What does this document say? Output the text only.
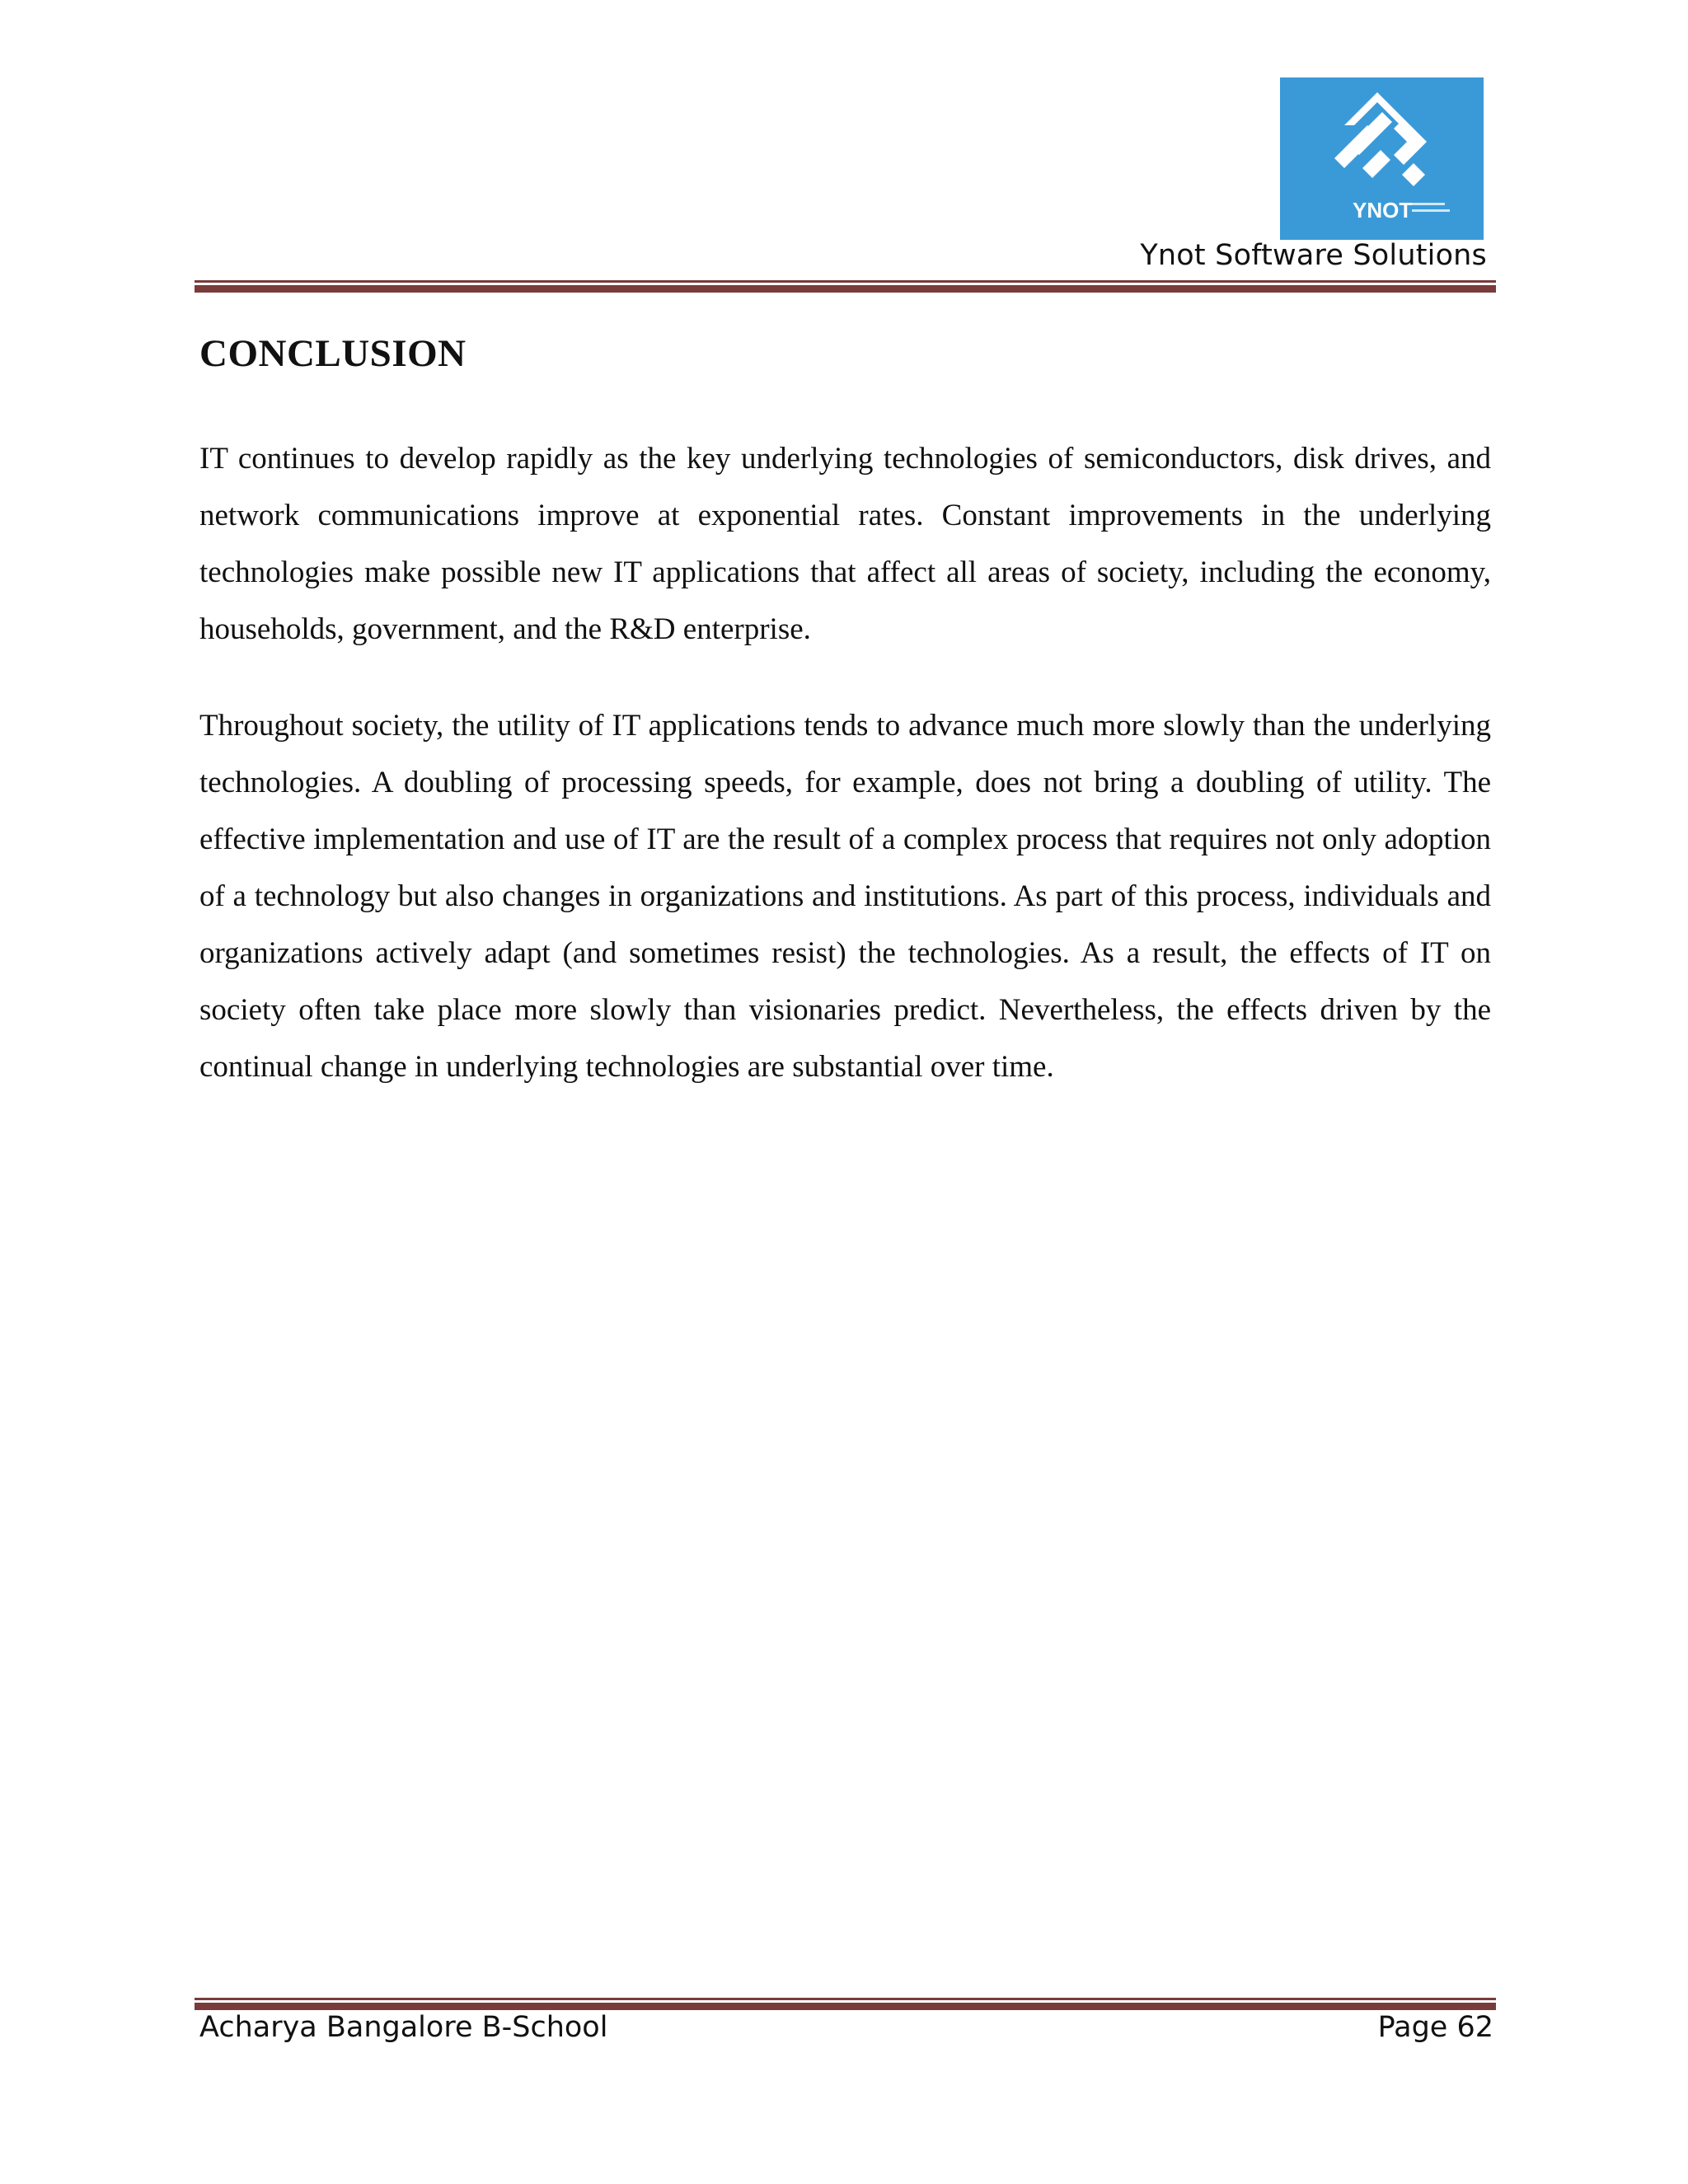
YNOT
Ynot Software Solutions
CONCLUSION

IT continues to develop rapidly as the key underlying technologies of semiconductors, disk drives, and network communications improve at exponential rates. Constant improvements in the underlying technologies make possible new IT applications that affect all areas of society, including the economy, households, government, and the R&D enterprise.

Throughout society, the utility of IT applications tends to advance much more slowly than the underlying technologies. A doubling of processing speeds, for example, does not bring a doubling of utility. The effective implementation and use of IT are the result of a complex process that requires not only adoption of a technology but also changes in organizations and institutions. As part of this process, individuals and organizations actively adapt (and sometimes resist) the technologies. As a result, the effects of IT on society often take place more slowly than visionaries predict. Nevertheless, the effects driven by the continual change in underlying technologies are substantial over time.

Acharya Bangalore B-School	Page 62
